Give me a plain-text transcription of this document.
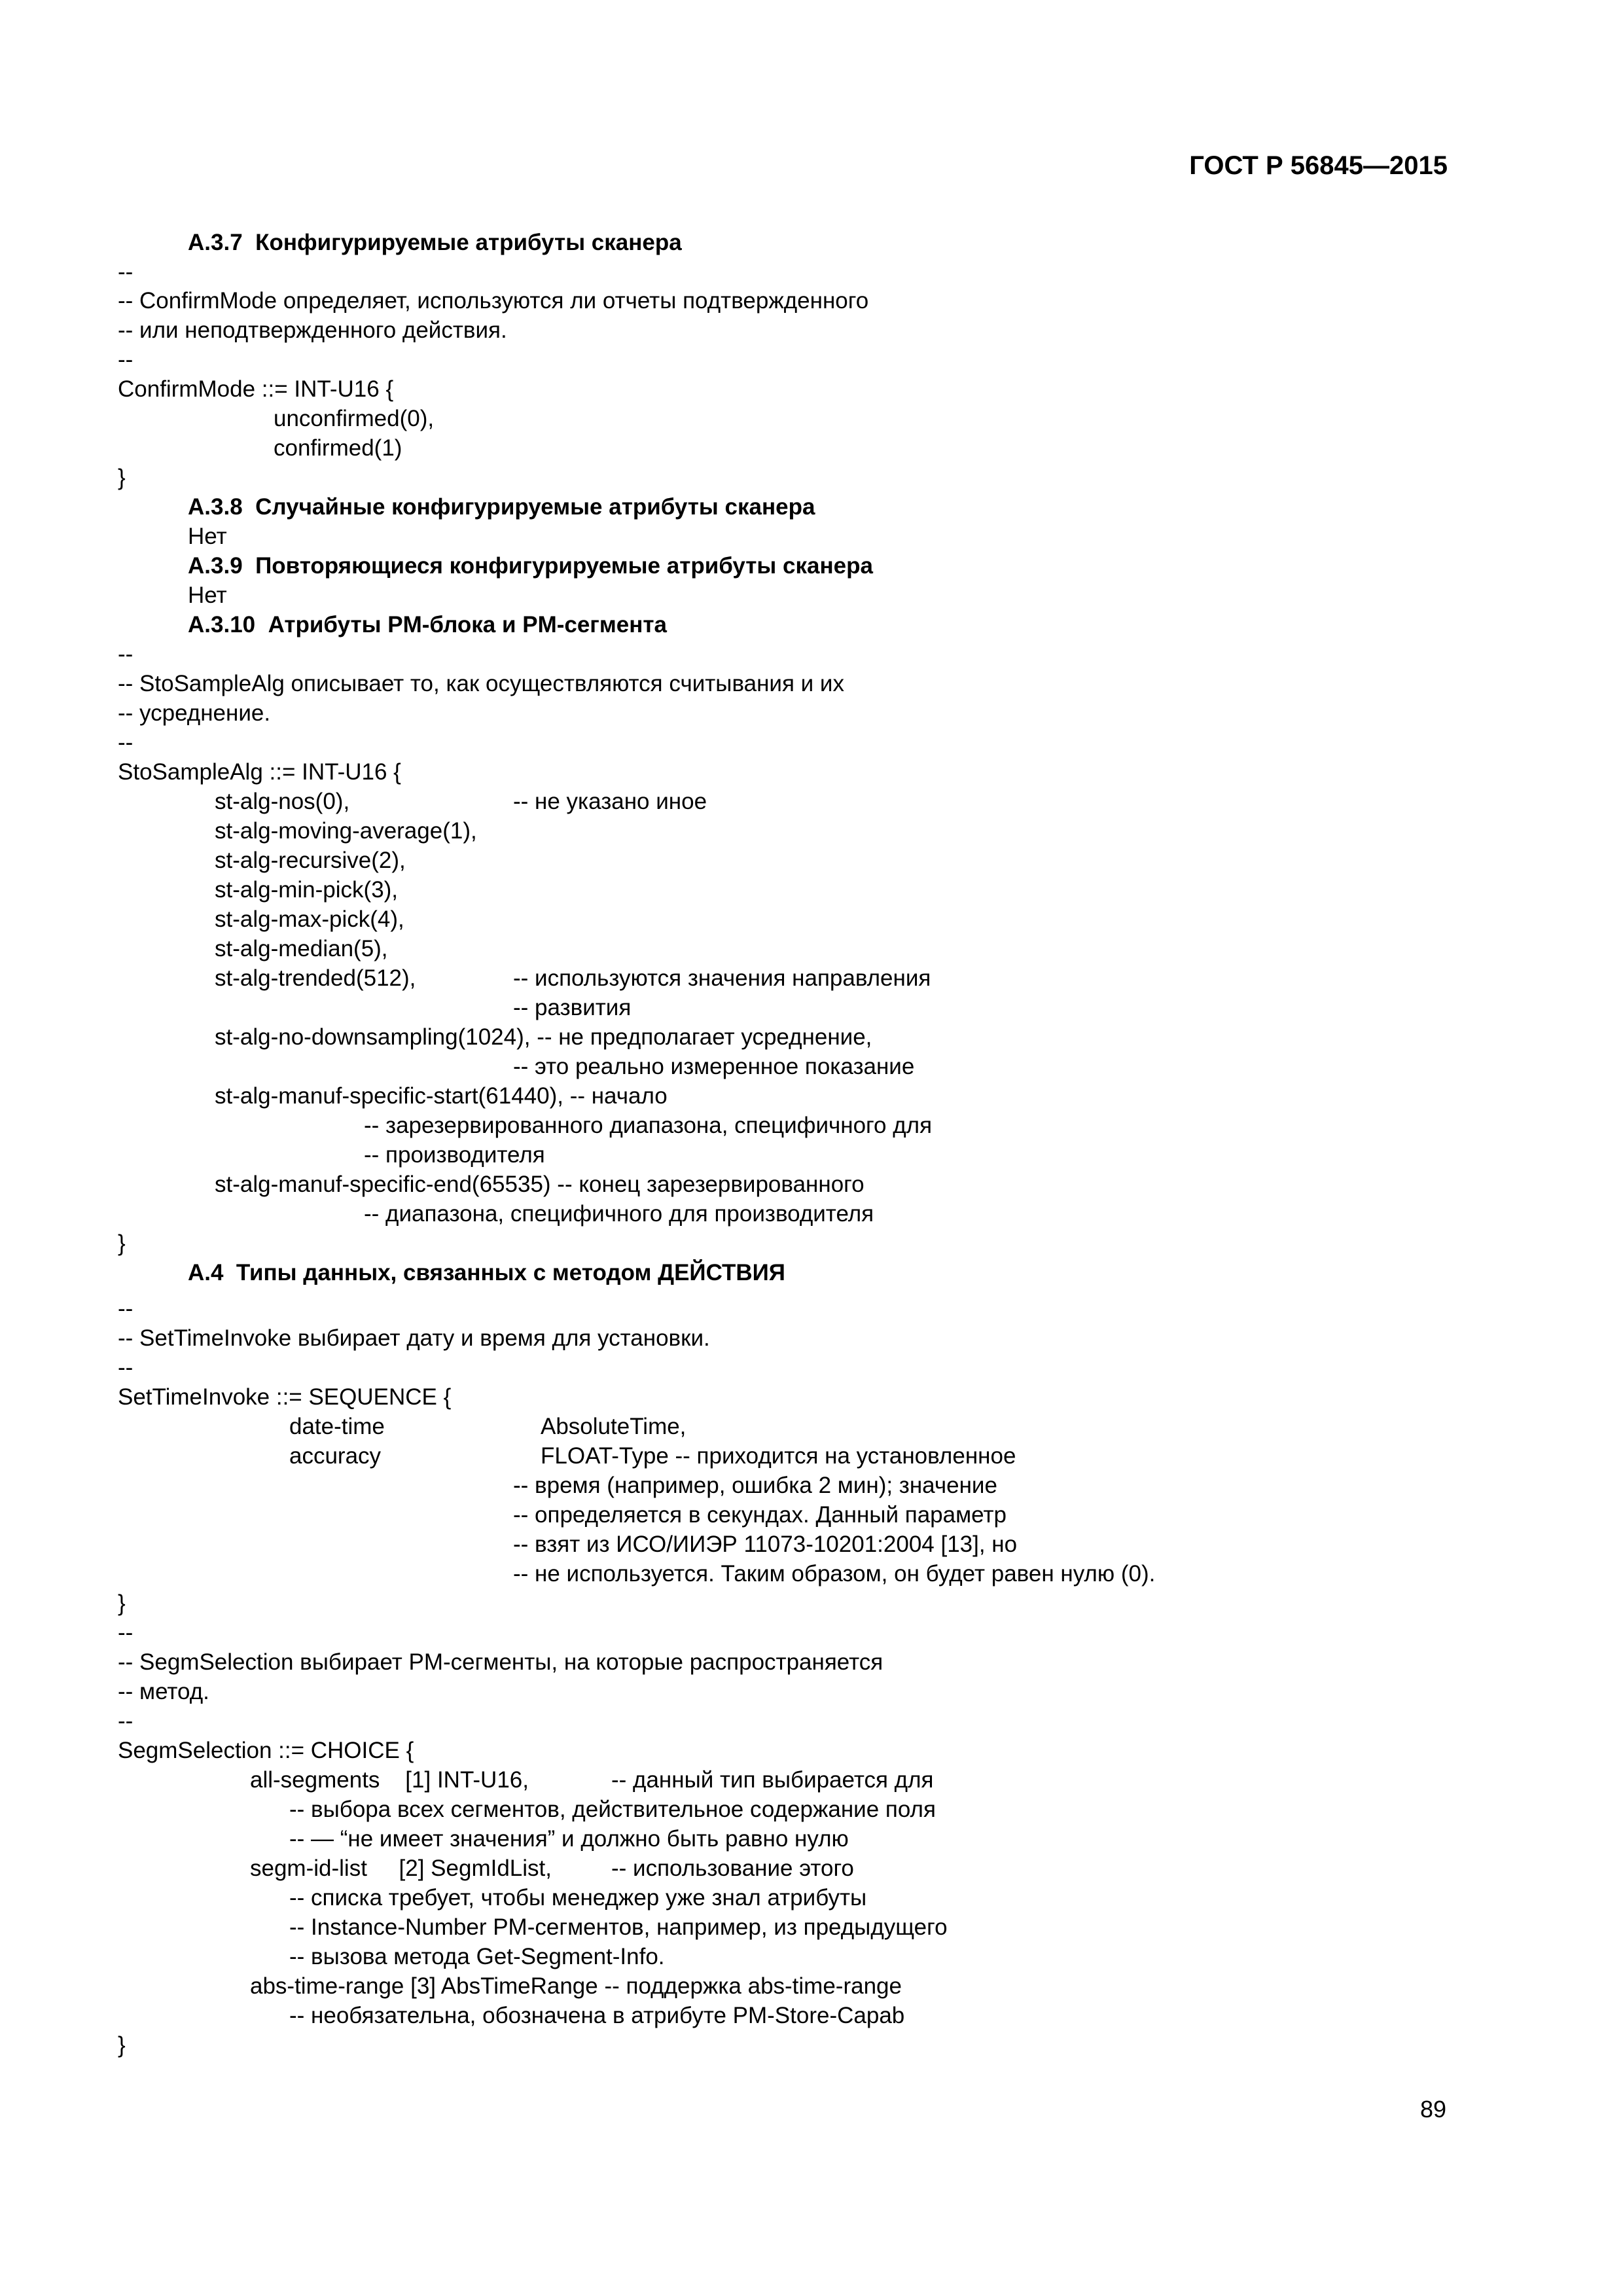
ГОСТ Р 56845—2015
А.3.7  Конфигурируемые атрибуты сканера
--
-- ConfirmMode определяет, используются ли отчеты подтвержденного
-- или неподтвержденного действия.
--
ConfirmMode ::= INT-U16 {
unconfirmed(0),
confirmed(1)
}
А.3.8  Случайные конфигурируемые атрибуты сканера
Нет
А.3.9  Повторяющиеся конфигурируемые атрибуты сканера
Нет
А.3.10  Атрибуты PM-блока и PM-сегмента
--
-- StoSampleAlg описывает то, как осуществляются считывания и их
-- усреднение.
--
StoSampleAlg ::= INT-U16 {
st-alg-nos(0),	-- не указано иное
st-alg-moving-average(1),
st-alg-recursive(2),
st-alg-min-pick(3),
st-alg-max-pick(4),
st-alg-median(5),
st-alg-trended(512),	-- используются значения направления
-- развития
st-alg-no-downsampling(1024), -- не предполагает усреднение,
-- это реально измеренное показание
st-alg-manuf-specific-start(61440), -- начало
-- зарезервированного диапазона, специфичного для
-- производителя
st-alg-manuf-specific-end(65535) -- конец зарезервированного
-- диапазона, специфичного для производителя
}
А.4  Типы данных, связанных с методом ДЕЙСТВИЯ
--
-- SetTimeInvoke выбирает дату и время для установки.
--
SetTimeInvoke ::= SEQUENCE {
date-time	AbsoluteTime,
accuracy	FLOAT-Type -- приходится на установленное
-- время (например, ошибка 2 мин); значение
-- определяется в секундах. Данный параметр
-- взят из ИСО/ИИЭР 11073-10201:2004 [13], но
-- не используется. Таким образом, он будет равен нулю (0).
}
--
-- SegmSelection выбирает PM-сегменты, на которые распространяется
-- метод.
--
SegmSelection ::= CHOICE {
all-segments    [1] INT-U16,	-- данный тип выбирается для
-- выбора всех сегментов, действительное содержание поля
-- — “не имеет значения” и должно быть равно нулю
segm-id-list     [2] SegmIdList,	-- использование этого
-- списка требует, чтобы менеджер уже знал атрибуты
-- Instance-Number PM-сегментов, например, из предыдущего
-- вызова метода Get-Segment-Info.
abs-time-range [3] AbsTimeRange -- поддержка abs-time-range
-- необязательна, обозначена в атрибуте PM-Store-Capab
}
89
